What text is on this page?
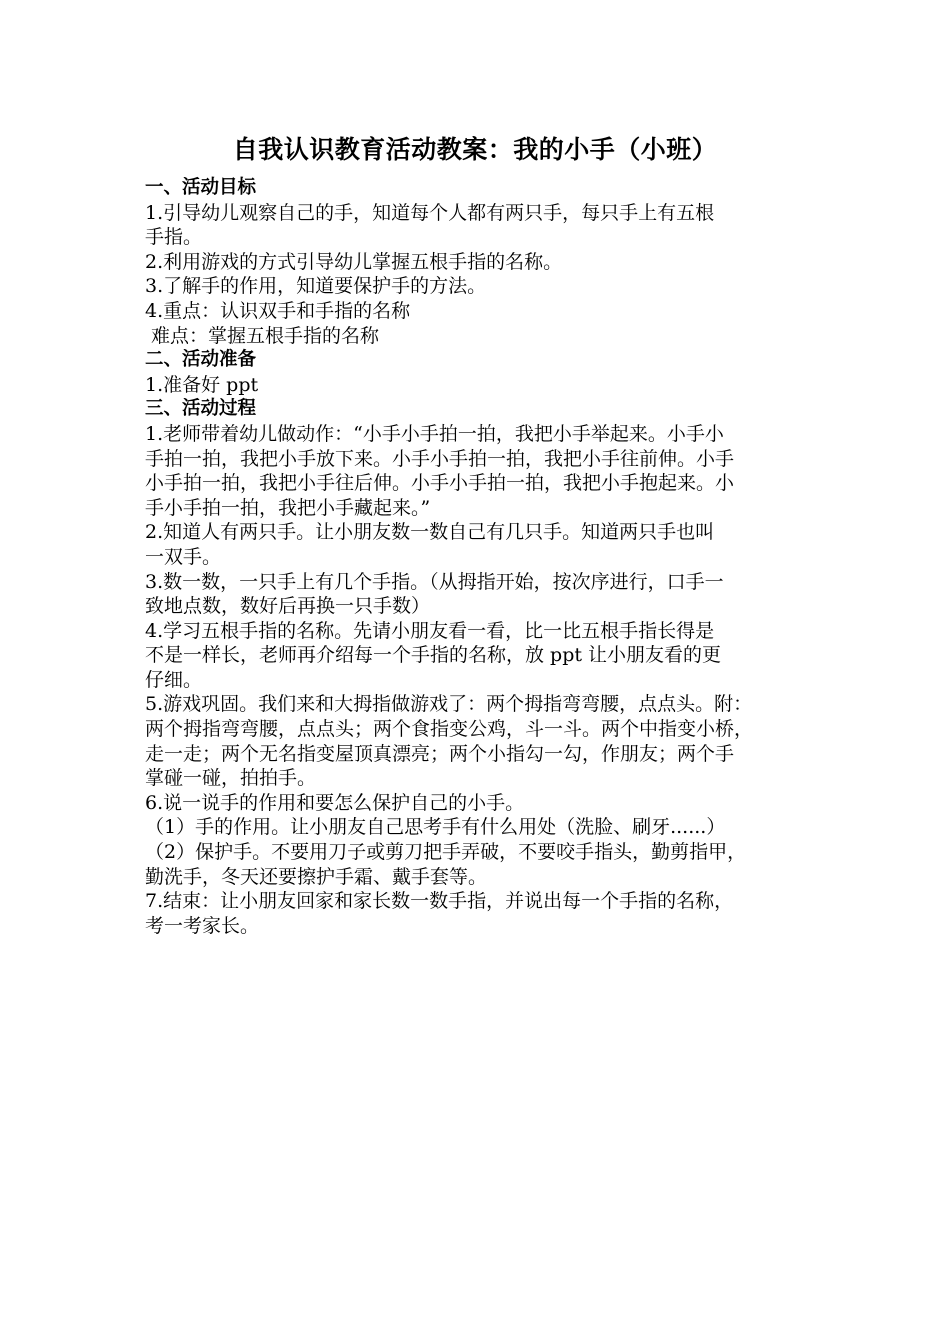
自我认识教育活动教案：我的小手（小班）
一、活动目标
1.引导幼儿观察自己的手，知道每个人都有两只手，每只手上有五根
手指。
2.利用游戏的方式引导幼儿掌握五根手指的名称。
3.了解手的作用，知道要保护手的方法。
4.重点：认识双手和手指的名称
难点：掌握五根手指的名称
二、活动准备
1.准备好 ppt
三、活动过程
1.老师带着幼儿做动作：“小手小手拍一拍，我把小手举起来。小手小
手拍一拍，我把小手放下来。小手小手拍一拍，我把小手往前伸。小手
小手拍一拍，我把小手往后伸。小手小手拍一拍，我把小手抱起来。小
手小手拍一拍，我把小手藏起来。”
2.知道人有两只手。让小朋友数一数自己有几只手。知道两只手也叫
一双手。
3.数一数，一只手上有几个手指。（从拇指开始，按次序进行，口手一
致地点数，数好后再换一只手数）
4.学习五根手指的名称。先请小朋友看一看，比一比五根手指长得是
不是一样长，老师再介绍每一个手指的名称，放 ppt 让小朋友看的更
仔细。
5.游戏巩固。我们来和大拇指做游戏了：两个拇指弯弯腰，点点头。附：
两个拇指弯弯腰，点点头；两个食指变公鸡，斗一斗。两个中指变小桥，
走一走；两个无名指变屋顶真漂亮；两个小指勾一勾，作朋友；两个手
掌碰一碰，拍拍手。
6.说一说手的作用和要怎么保护自己的小手。
（1）手的作用。让小朋友自己思考手有什么用处（洗脸、刷牙......）
（2）保护手。不要用刀子或剪刀把手弄破，不要咬手指头，勤剪指甲，
勤洗手，冬天还要擦护手霜、戴手套等。
7.结束：让小朋友回家和家长数一数手指，并说出每一个手指的名称，
考一考家长。
